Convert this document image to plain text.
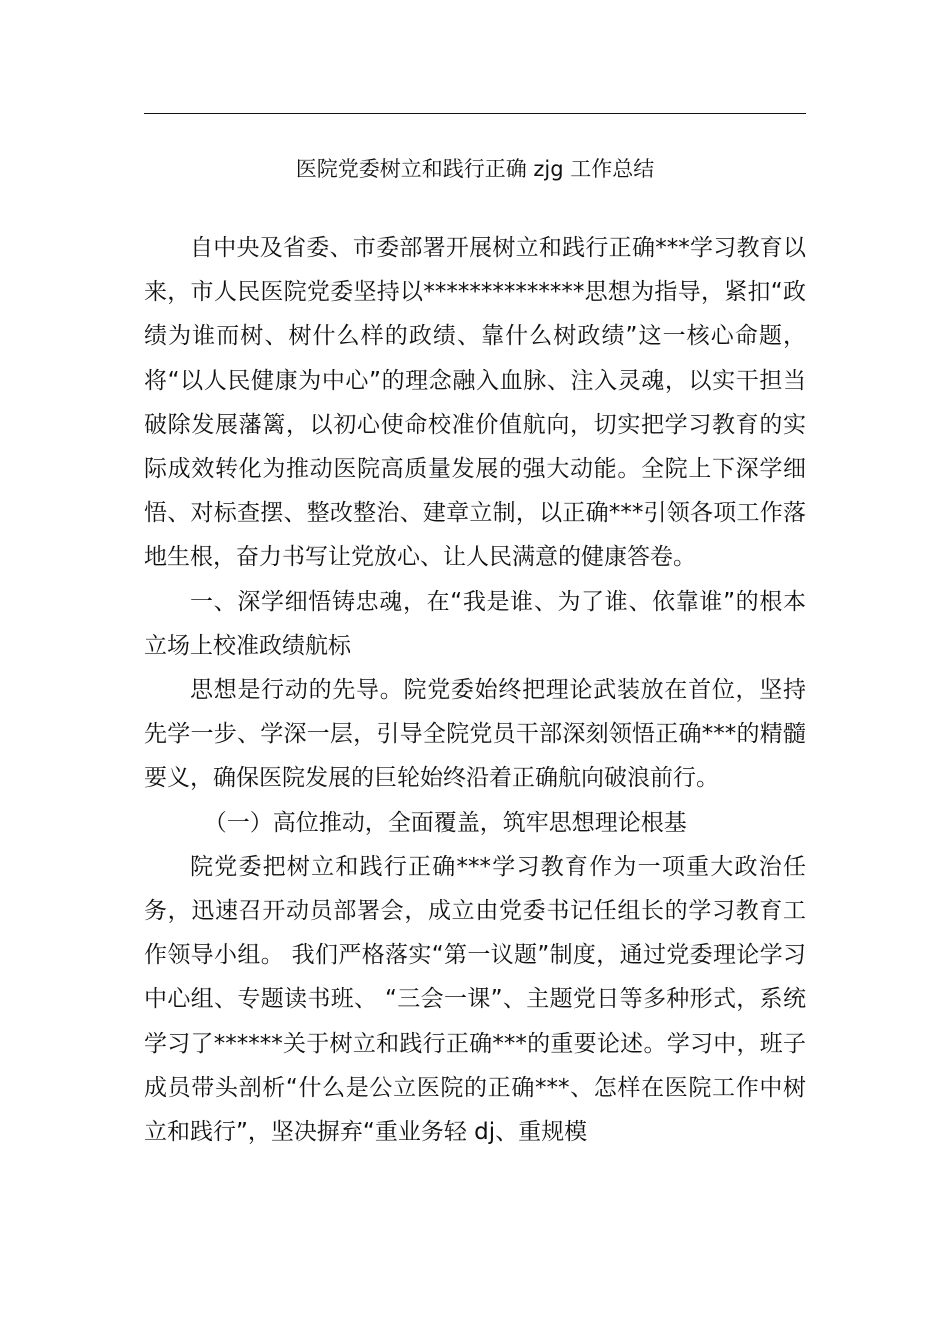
医院党委树立和践行正确 zjg 工作总结

自中央及省委、市委部署开展树立和践行正确***学习教育以来，市人民医院党委坚持以**************思想为指导，紧扣“政绩为谁而树、树什么样的政绩、靠什么树政绩”这一核心命题，将“以人民健康为中心”的理念融入血脉、注入灵魂，以实干担当破除发展藩篱，以初心使命校准价值航向，切实把学习教育的实际成效转化为推动医院高质量发展的强大动能。全院上下深学细悟、对标查摆、整改整治、建章立制，以正确***引领各项工作落地生根，奋力书写让党放心、让人民满意的健康答卷。

一、深学细悟铸忠魂，在“我是谁、为了谁、依靠谁”的根本立场上校准政绩航标

思想是行动的先导。院党委始终把理论武装放在首位，坚持先学一步、学深一层，引导全院党员干部深刻领悟正确***的精髓要义，确保医院发展的巨轮始终沿着正确航向破浪前行。

（一）高位推动，全面覆盖，筑牢思想理论根基

院党委把树立和践行正确***学习教育作为一项重大政治任务，迅速召开动员部署会，成立由党委书记任组长的学习教育工作领导小组。 我们严格落实“第一议题”制度，通过党委理论学习中心组、专题读书班、 “三会一课”、主题党日等多种形式，系统学习了******关于树立和践行正确***的重要论述。学习中，班子成员带头剖析“什么是公立医院的正确***、怎样在医院工作中树立和践行”，坚决摒弃“重业务轻 dj、重规模
